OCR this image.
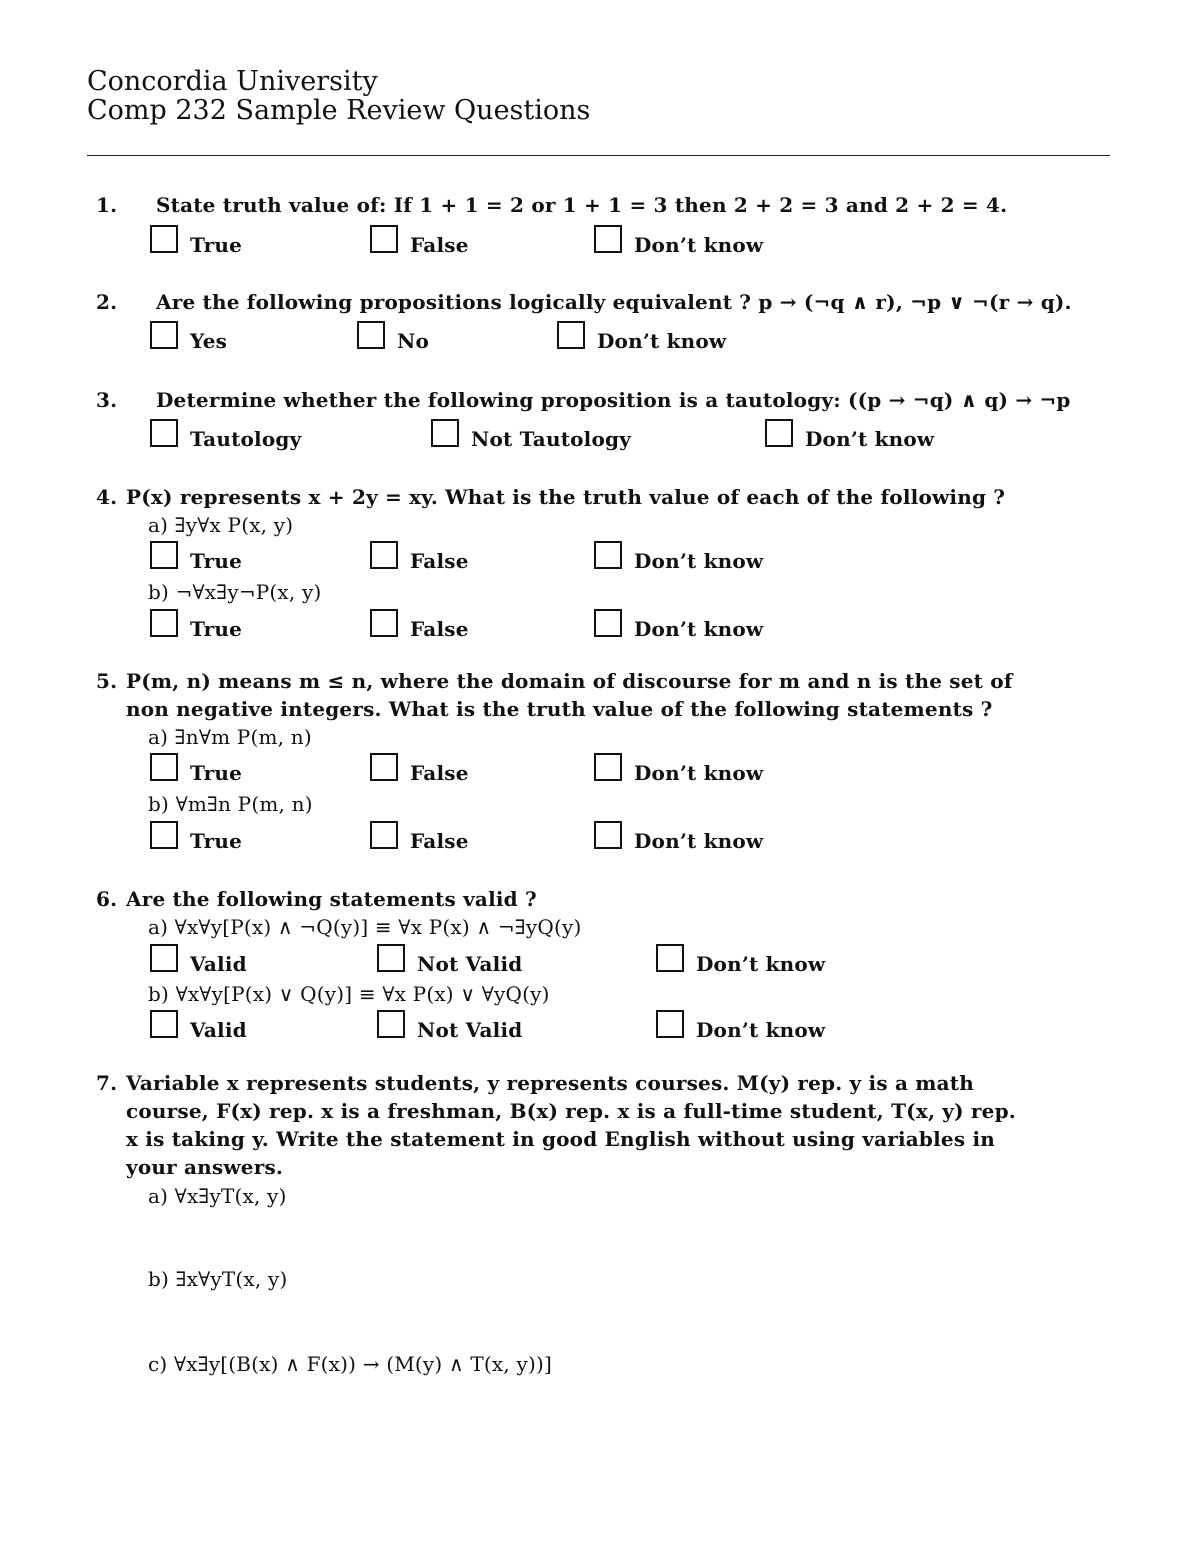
Concordia University
Comp 232 Sample Review Questions
1. State truth value of: If 1 + 1 = 2 or 1 + 1 = 3 then 2 + 2 = 3 and 2 + 2 = 4.
True	False	Don’t know
2. Are the following propositions logically equivalent ? p → (¬q ∧ r), ¬p ∨ ¬(r → q).
Yes	No	Don’t know
3. Determine whether the following proposition is a tautology: ((p → ¬q) ∧ q) → ¬p
Tautology	Not Tautology	Don’t know
4. P(x) represents x + 2y = xy. What is the truth value of each of the following ?
a) ∃y∀x P(x, y)
True	False	Don’t know
b) ¬∀x∃y¬P(x, y)
True	False	Don’t know
5. P(m, n) means m ≤ n, where the domain of discourse for m and n is the set of
non negative integers. What is the truth value of the following statements ?
a) ∃n∀m P(m, n)
True	False	Don’t know
b) ∀m∃n P(m, n)
True	False	Don’t know
6. Are the following statements valid ?
a) ∀x∀y[P(x) ∧ ¬Q(y)] ≡ ∀x P(x) ∧ ¬∃yQ(y)
Valid	Not Valid	Don’t know
b) ∀x∀y[P(x) ∨ Q(y)] ≡ ∀x P(x) ∨ ∀yQ(y)
Valid	Not Valid	Don’t know
7. Variable x represents students, y represents courses. M(y) rep. y is a math
course, F(x) rep. x is a freshman, B(x) rep. x is a full-time student, T(x, y) rep.
x is taking y. Write the statement in good English without using variables in
your answers.
a) ∀x∃yT(x, y)
b) ∃x∀yT(x, y)
c) ∀x∃y[(B(x) ∧ F(x)) → (M(y) ∧ T(x, y))]
